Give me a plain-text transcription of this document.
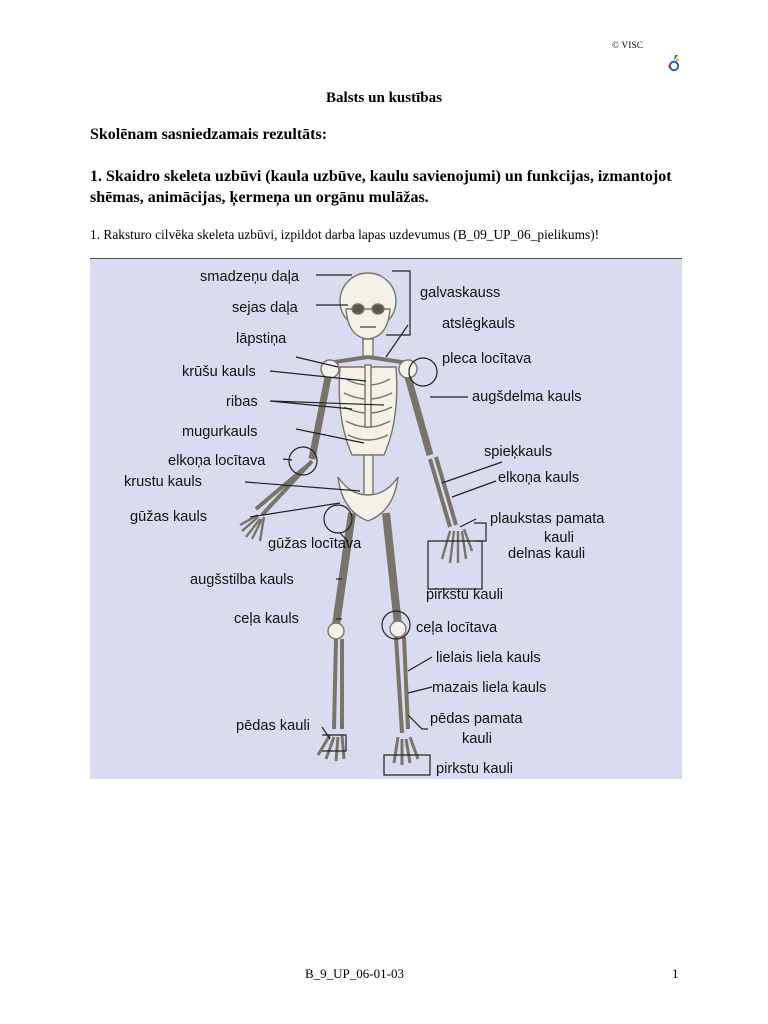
© VISC
Balsts un kustības
Skolēnam sasniedzamais rezultāts:
1. Skaidro skeleta uzbūvi (kaula uzbūve, kaulu savienojumi) un funkcijas, izmantojot shēmas, animācijas, ķermeņa un orgānu mulāžas.
1. Raksturo cilvēka skeleta uzbūvi, izpildot darba lapas uzdevumus (B_09_UP_06_pielikums)!
smadzeņu daļa
galvaskauss
sejas daļa
atslēgkauls
lāpstiņa
pleca locītava
krūšu kauls
ribas	augšdelma kauls
mugurkauls
spieķkauls
elkoņa locītava
elkoņa kauls
krustu kauls
gūžas kauls	plaukstas pamata
kauli
gūžas locītava
delnas kauli
augšstilba kauls
pirkstu kauli
ceļa kauls
ceļa locītava
lielais liela kauls
mazais liela kauls
pēdas kauli	pēdas pamata
kauli
pirkstu kauli
B_9_UP_06-01-03	1
